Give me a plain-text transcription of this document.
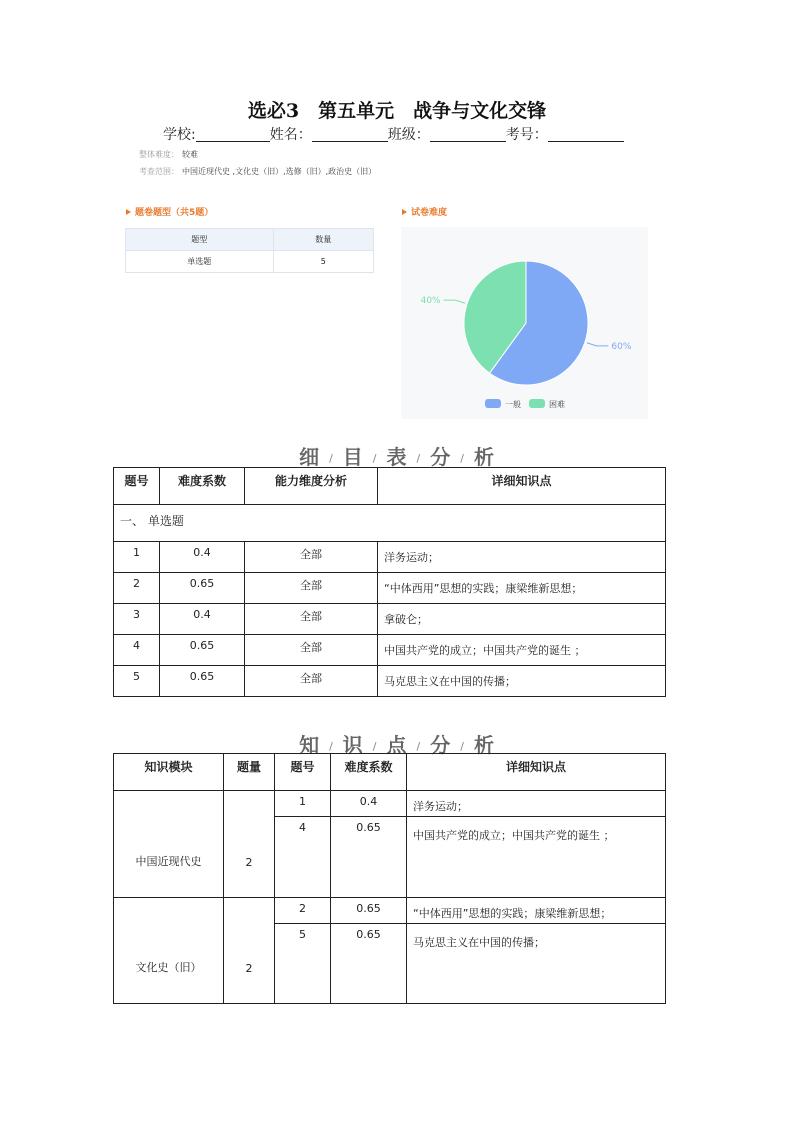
选必3　第五单元　战争与文化交锋
学校:	姓名：	班级：	考号：
整体难度： 较难
考查范围： 中国近现代史 ,文化史（旧）,选修（旧）,政治史（旧）
题卷题型（共5题）
题型	数量
单选题	5
试卷难度
60%
40%
一般	困难
细 / 目 / 表 / 分 / 析
题号	难度系数	能力维度分析	详细知识点
一、 单选题			
1	0.4	全部	洋务运动；
2	0.65	全部	“中体西用”思想的实践；康梁维新思想；
3	0.4	全部	拿破仑；
4	0.65	全部	中国共产党的成立；中国共产党的诞生 ；
5	0.65	全部	马克思主义在中国的传播；
知 / 识 / 点 / 分 / 析
知识模块	题量	题号	难度系数	详细知识点
中国近现代史	2	1	0.4	洋务运动；
		4	0.65	中国共产党的成立；中国共产党的诞生 ；
文化史（旧）	2	2	0.65	“中体西用”思想的实践；康梁维新思想；
		5	0.65	马克思主义在中国的传播；
